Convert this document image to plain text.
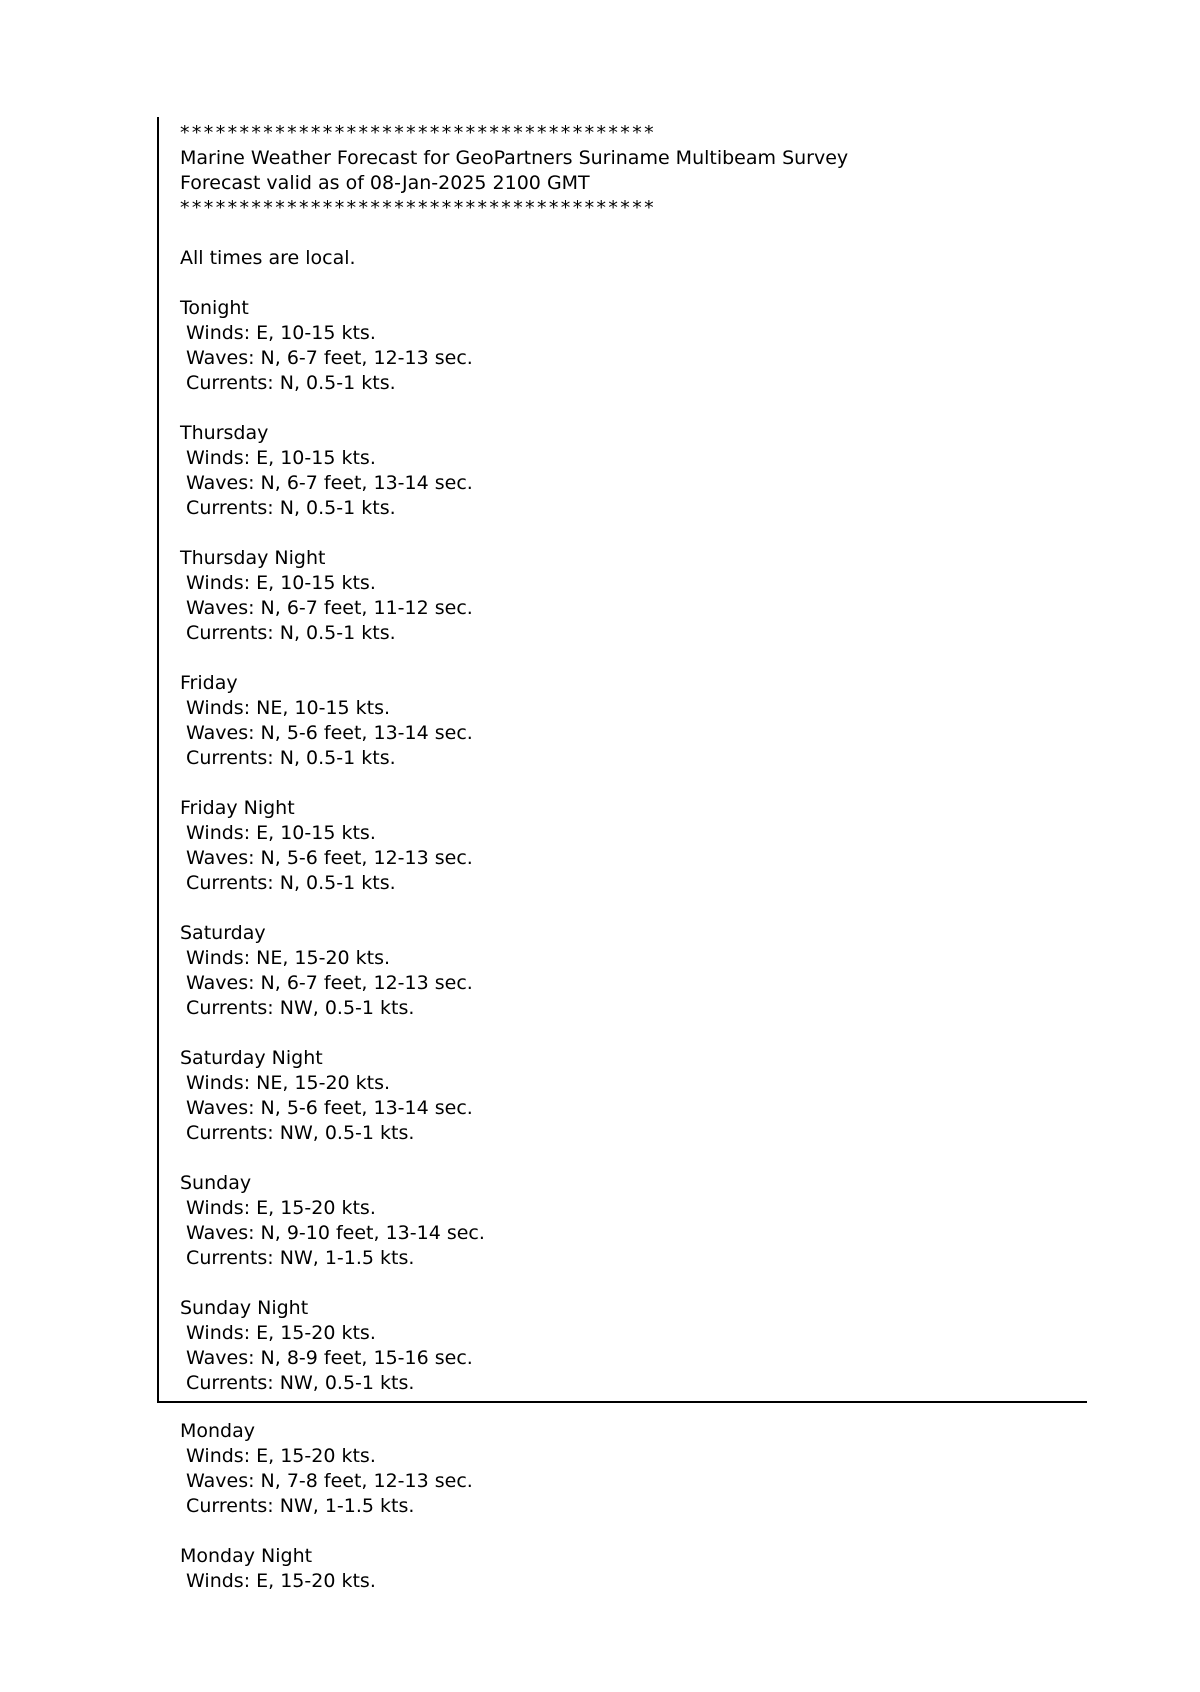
****************************************
Marine Weather Forecast for GeoPartners Suriname Multibeam Survey
Forecast valid as of 08-Jan-2025 2100 GMT
****************************************
All times are local.
Tonight
Winds: E, 10-15 kts.
Waves: N, 6-7 feet, 12-13 sec.
Currents: N, 0.5-1 kts.
Thursday
Winds: E, 10-15 kts.
Waves: N, 6-7 feet, 13-14 sec.
Currents: N, 0.5-1 kts.
Thursday Night
Winds: E, 10-15 kts.
Waves: N, 6-7 feet, 11-12 sec.
Currents: N, 0.5-1 kts.
Friday
Winds: NE, 10-15 kts.
Waves: N, 5-6 feet, 13-14 sec.
Currents: N, 0.5-1 kts.
Friday Night
Winds: E, 10-15 kts.
Waves: N, 5-6 feet, 12-13 sec.
Currents: N, 0.5-1 kts.
Saturday
Winds: NE, 15-20 kts.
Waves: N, 6-7 feet, 12-13 sec.
Currents: NW, 0.5-1 kts.
Saturday Night
Winds: NE, 15-20 kts.
Waves: N, 5-6 feet, 13-14 sec.
Currents: NW, 0.5-1 kts.
Sunday
Winds: E, 15-20 kts.
Waves: N, 9-10 feet, 13-14 sec.
Currents: NW, 1-1.5 kts.
Sunday Night
Winds: E, 15-20 kts.
Waves: N, 8-9 feet, 15-16 sec.
Currents: NW, 0.5-1 kts.
Monday
Winds: E, 15-20 kts.
Waves: N, 7-8 feet, 12-13 sec.
Currents: NW, 1-1.5 kts.
Monday Night
Winds: E, 15-20 kts.
